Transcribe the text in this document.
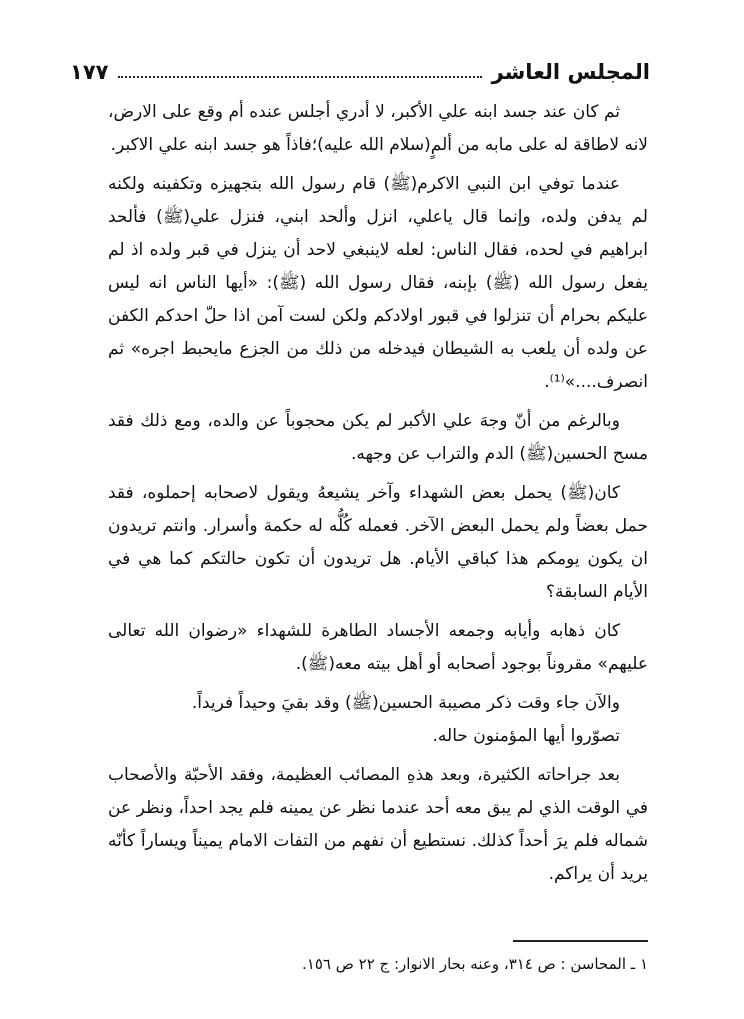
المجلس العاشر
١٧٧

ثم كان عند جسد ابنه علي الأكبر، لا أدري أجلس عنده أم وقع على الارض، لانه لاطاقة له على مابه من ألمٍ(سلام الله عليه)؛فاذاً هو جسد ابنه علي الاكبر.

عندما توفي ابن النبي الاكرم(ﷺ) قام رسول الله بتجهيزه وتكفينه ولكنه لم يدفن ولده، وإنما قال ياعلي، انزل وألحد ابني، فنزل علي(ﷺ) فألحد ابراهيم في لحده، فقال الناس: لعله لاينبغي لاحد أن ينزل في قبر ولده اذ لم يفعل رسول الله (ﷺ) بإبنه، فقال رسول الله (ﷺ): «أيها الناس انه ليس عليكم بحرام أن تنزلوا في قبور اولادكم ولكن لست آمن اذا حلّ احدكم الكفن عن ولده أن يلعب به الشيطان فيدخله من ذلك من الجزع مايحبط اجره» ثم انصرف....»⁽¹⁾.

وبالرغم من أنّ وجهَ علي الأكبر لم يكن محجوباً عن والده، ومع ذلك فقد مسح الحسين(ﷺ) الدم والتراب عن وجهه.

كان(ﷺ) يحمل بعض الشهداء وآخر يشيعهُ ويقول لاصحابه إحملوه، فقد حمل بعضاً ولم يحمل البعض الآخر. فعمله كُلُّه له حكمة وأسرار. وانتم تريدون ان يكون يومكم هذا كباقي الأيام. هل تريدون أن تكون حالتكم كما هي في الأيام السابقة؟

كان ذهابه وأيابه وجمعه الأجساد الطاهرة للشهداء «رضوان الله تعالى عليهم» مقروناً بوجود أصحابه أو أهل بيته معه(ﷺ).

والآن جاء وقت ذكر مصيبة الحسين(ﷺ) وقد بقيَ وحيداً فريداً.

تصوّروا أيها المؤمنون حاله.

بعد جراحاته الكثيرة، وبعد هذهِ المصائب العظيمة، وفقد الأحبّة والأصحاب في الوقت الذي لم يبق معه أحد عندما نظر عن يمينه فلم يجد احداً، ونظر عن شماله فلم يرَ أحداً كذلك. نستطيع أن نفهم من التفات الامام يميناً ويساراً كأنّه يريد أن يراكم.

١ ـ المحاسن : ص ٣١٤، وعنه بحار الانوار: ج ٢٢ ص ١٥٦.
